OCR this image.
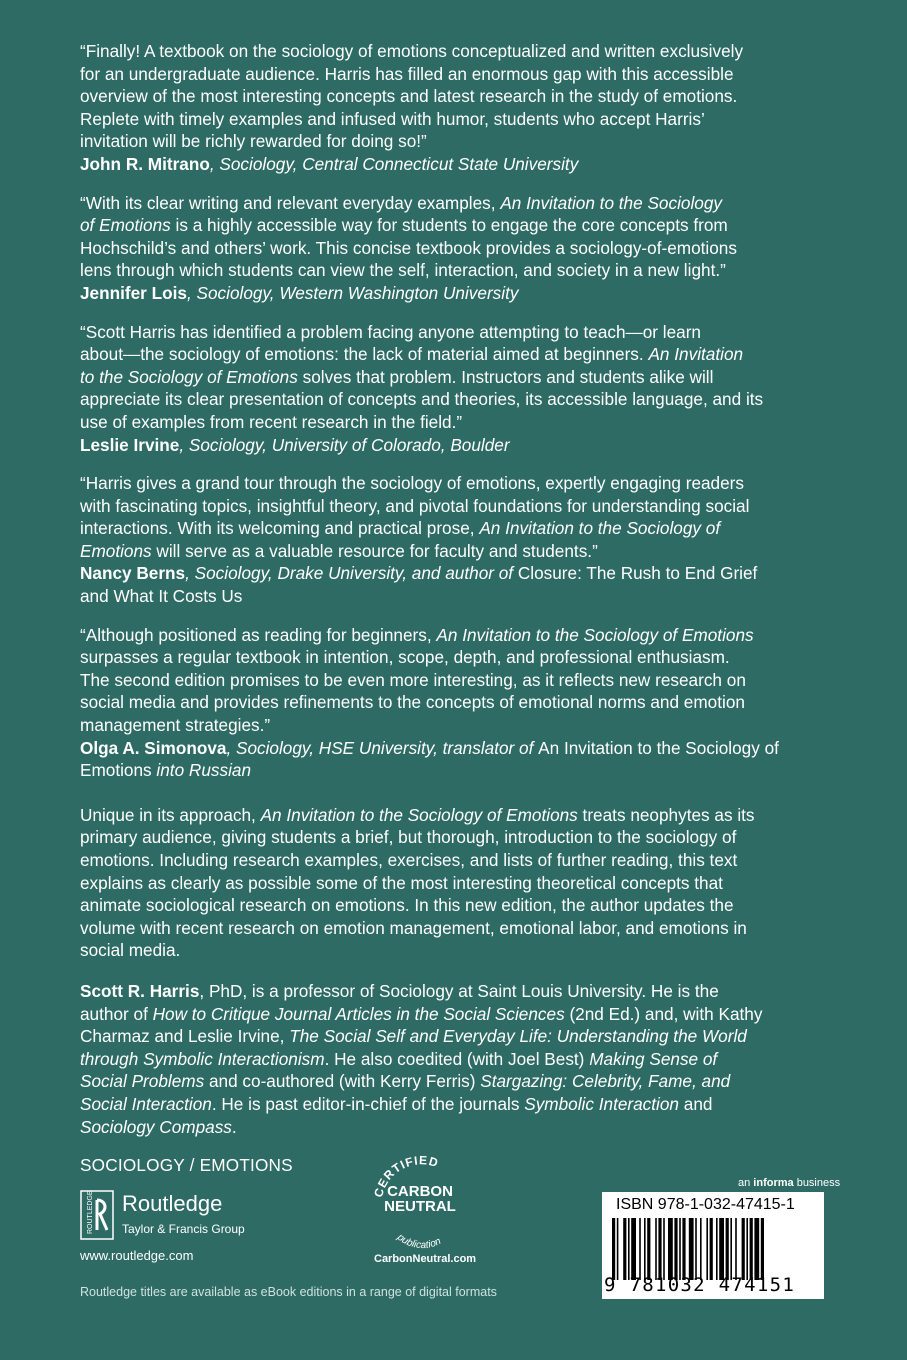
“Finally! A textbook on the sociology of emotions conceptualized and written exclusively

for an undergraduate audience. Harris has filled an enormous gap with this accessible

overview of the most interesting concepts and latest research in the study of emotions.

Replete with timely examples and infused with humor, students who accept Harris’

invitation will be richly rewarded for doing so!”

John R. Mitrano, Sociology, Central Connecticut State University

“With its clear writing and relevant everyday examples, An Invitation to the Sociology

of Emotions is a highly accessible way for students to engage the core concepts from

Hochschild’s and others’ work. This concise textbook provides a sociology-of-emotions

lens through which students can view the self, interaction, and society in a new light.”

Jennifer Lois, Sociology, Western Washington University

“Scott Harris has identified a problem facing anyone attempting to teach—or learn

about—the sociology of emotions: the lack of material aimed at beginners. An Invitation

to the Sociology of Emotions solves that problem. Instructors and students alike will

appreciate its clear presentation of concepts and theories, its accessible language, and its

use of examples from recent research in the field.”

Leslie Irvine, Sociology, University of Colorado, Boulder

“Harris gives a grand tour through the sociology of emotions, expertly engaging readers

with fascinating topics, insightful theory, and pivotal foundations for understanding social

interactions. With its welcoming and practical prose, An Invitation to the Sociology of

Emotions will serve as a valuable resource for faculty and students.”

Nancy Berns, Sociology, Drake University, and author of Closure: The Rush to End Grief

and What It Costs Us

“Although positioned as reading for beginners, An Invitation to the Sociology of Emotions

surpasses a regular textbook in intention, scope, depth, and professional enthusiasm.

The second edition promises to be even more interesting, as it reflects new research on

social media and provides refinements to the concepts of emotional norms and emotion

management strategies.”

Olga A. Simonova, Sociology, HSE University, translator of An Invitation to the Sociology of

Emotions into Russian

Unique in its approach, An Invitation to the Sociology of Emotions treats neophytes as its

primary audience, giving students a brief, but thorough, introduction to the sociology of

emotions. Including research examples, exercises, and lists of further reading, this text

explains as clearly as possible some of the most interesting theoretical concepts that

animate sociological research on emotions. In this new edition, the author updates the

volume with recent research on emotion management, emotional labor, and emotions in

social media.

Scott R. Harris, PhD, is a professor of Sociology at Saint Louis University. He is the

author of How to Critique Journal Articles in the Social Sciences (2nd Ed.) and, with Kathy

Charmaz and Leslie Irvine, The Social Self and Everyday Life: Understanding the World

through Symbolic Interactionism. He also coedited (with Joel Best) Making Sense of

Social Problems and co-authored (with Kerry Ferris) Stargazing: Celebrity, Fame, and

Social Interaction. He is past editor-in-chief of the journals Symbolic Interaction and

Sociology Compass.

SOCIOLOGY / EMOTIONS
ROUTLEDGE Routledge
Taylor & Francis Group
www.routledge.com
CERTIFIED
CARBON
NEUTRAL
publication
CarbonNeutral.com
an informa business
ISBN 978-1-032-47415-1
9 781032 474151
Routledge titles are available as eBook editions in a range of digital formats
